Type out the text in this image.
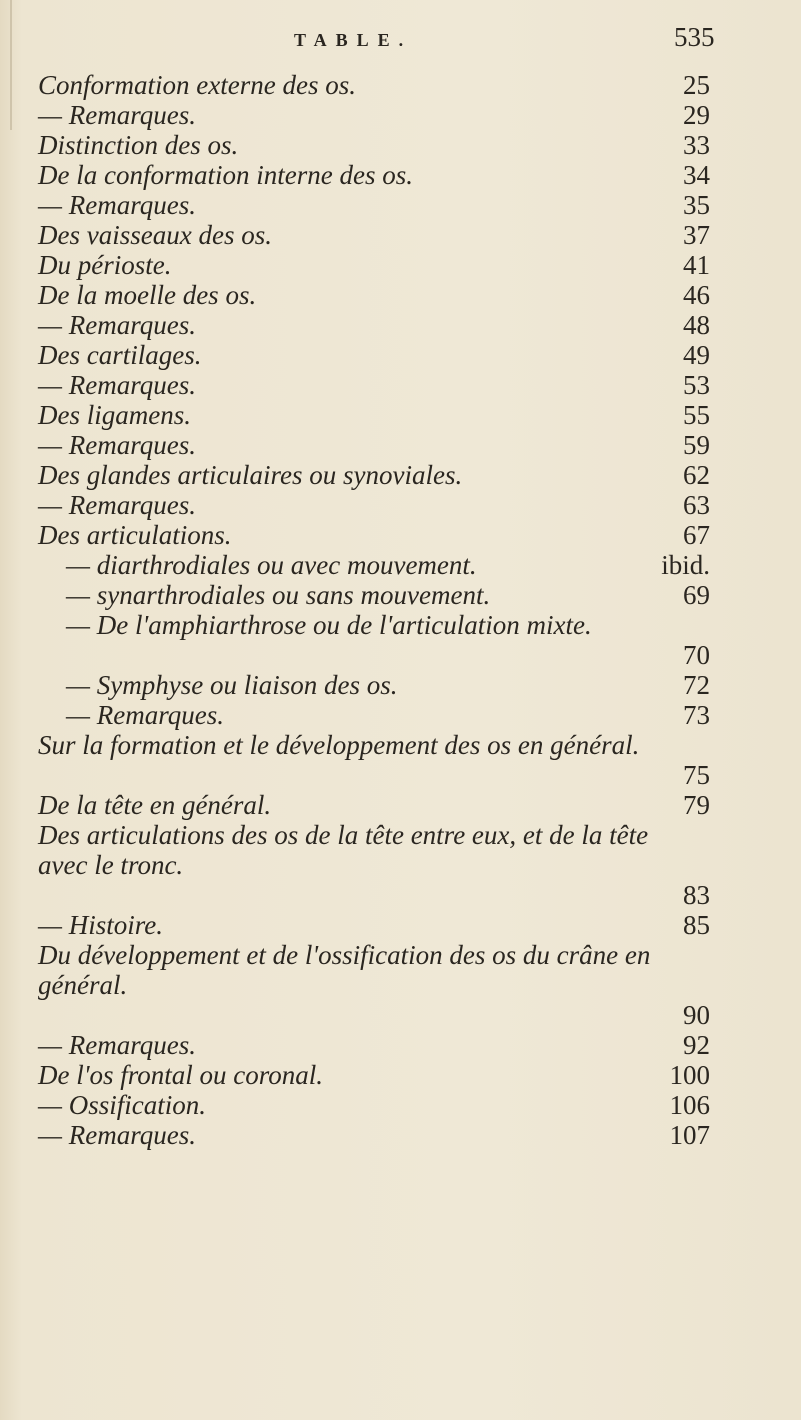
TABLE.	535
Conformation externe des os.	25
— Remarques.	29
Distinction des os.	33
De la conformation interne des os.	34
— Remarques.	35
Des vaisseaux des os.	37
Du périoste.	41
De la moelle des os.	46
— Remarques.	48
Des cartilages.	49
— Remarques.	53
Des ligamens.	55
— Remarques.	59
Des glandes articulaires ou synoviales.	62
— Remarques.	63
Des articulations.	67
— diarthrodiales ou avec mouvement.	ibid.
— synarthrodiales ou sans mouvement.	69
— De l'amphiarthrose ou de l'articulation mixte.
70
— Symphyse ou liaison des os.	72
— Remarques.	73
Sur la formation et le développement des os en général.
75
De la tête en général.	79
Des articulations des os de la tête entre eux, et de la tête avec le tronc.
83
— Histoire.	85
Du développement et de l'ossification des os du crâne en général.
90
— Remarques.	92
De l'os frontal ou coronal.	100
— Ossification.	106
— Remarques.	107
